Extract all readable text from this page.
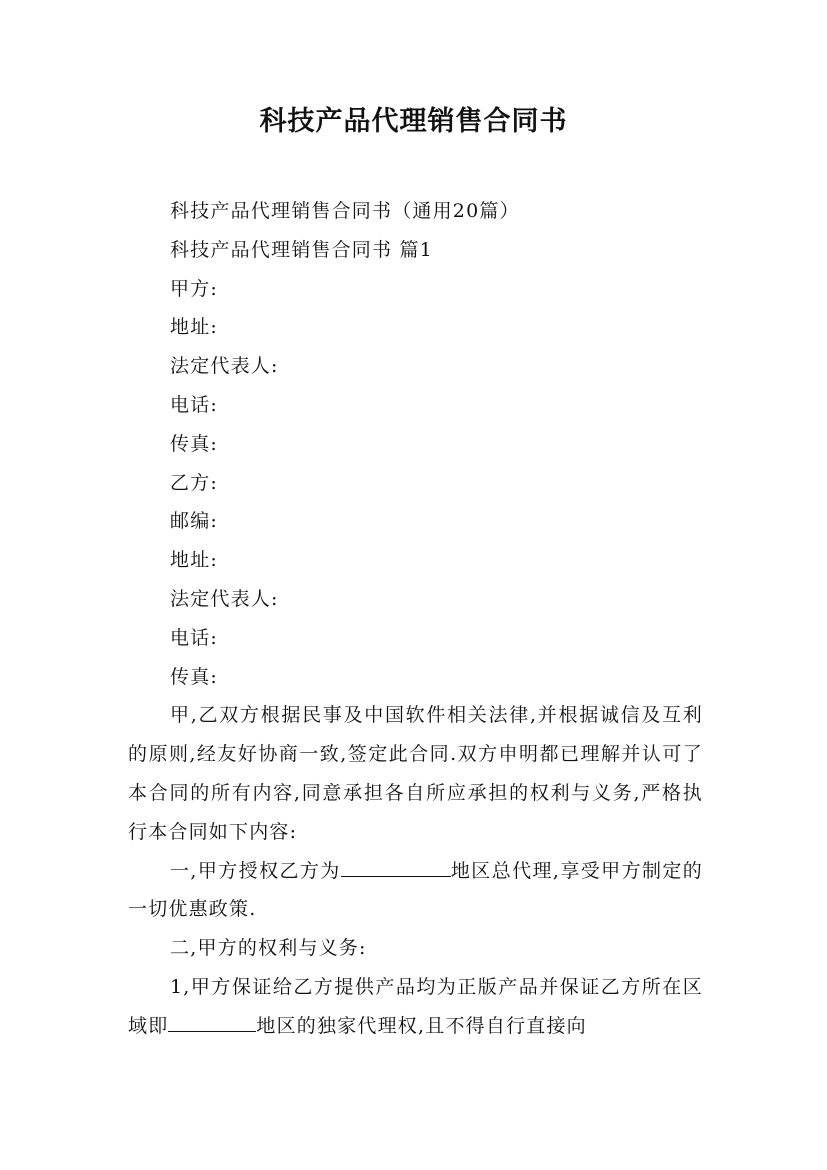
科技产品代理销售合同书

科技产品代理销售合同书（通用20篇）

科技产品代理销售合同书 篇1

甲方:

地址:

法定代表人:

电话:

传真:

乙方:

邮编:

地址:

法定代表人:

电话:

传真:

甲,乙双方根据民事及中国软件相关法律,并根据诚信及互利的原则,经友好协商一致,签定此合同.双方申明都已理解并认可了本合同的所有内容,同意承担各自所应承担的权利与义务,严格执行本合同如下内容:

一,甲方授权乙方为	地区总代理,享受甲方制定的一切优惠政策.

二,甲方的权利与义务:

1,甲方保证给乙方提供产品均为正版产品并保证乙方所在区域即	地区的独家代理权,且不得自行直接向
